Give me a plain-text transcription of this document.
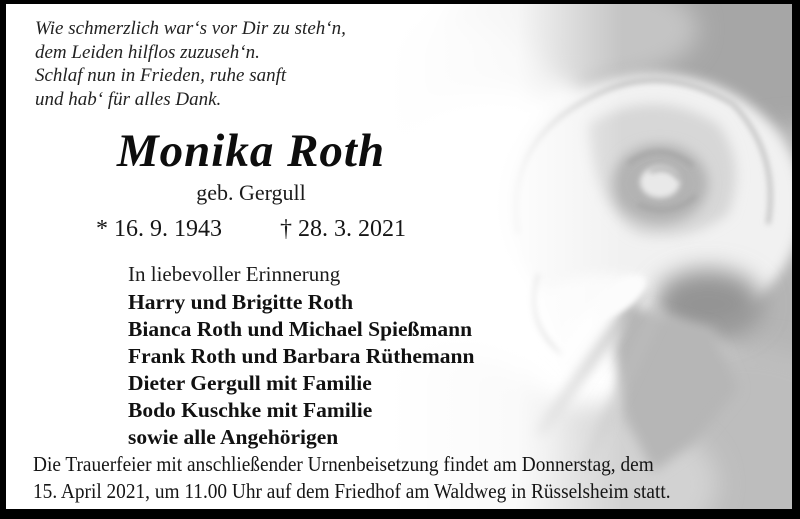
Wie schmerzlich war‘s vor Dir zu steh‘n,
dem Leiden hilflos zuzuseh‘n.
Schlaf nun in Frieden, ruhe sanft
und hab‘ für alles Dank.
Monika Roth
geb. Gergull
* 16. 9. 1943 † 28. 3. 2021
In liebevoller Erinnerung
Harry und Brigitte Roth
Bianca Roth und Michael Spießmann
Frank Roth und Barbara Rüthemann
Dieter Gergull mit Familie
Bodo Kuschke mit Familie
sowie alle Angehörigen
Die Trauerfeier mit anschließender Urnenbeisetzung findet am Donnerstag, dem
15. April 2021, um 11.00 Uhr auf dem Friedhof am Waldweg in Rüsselsheim statt.
